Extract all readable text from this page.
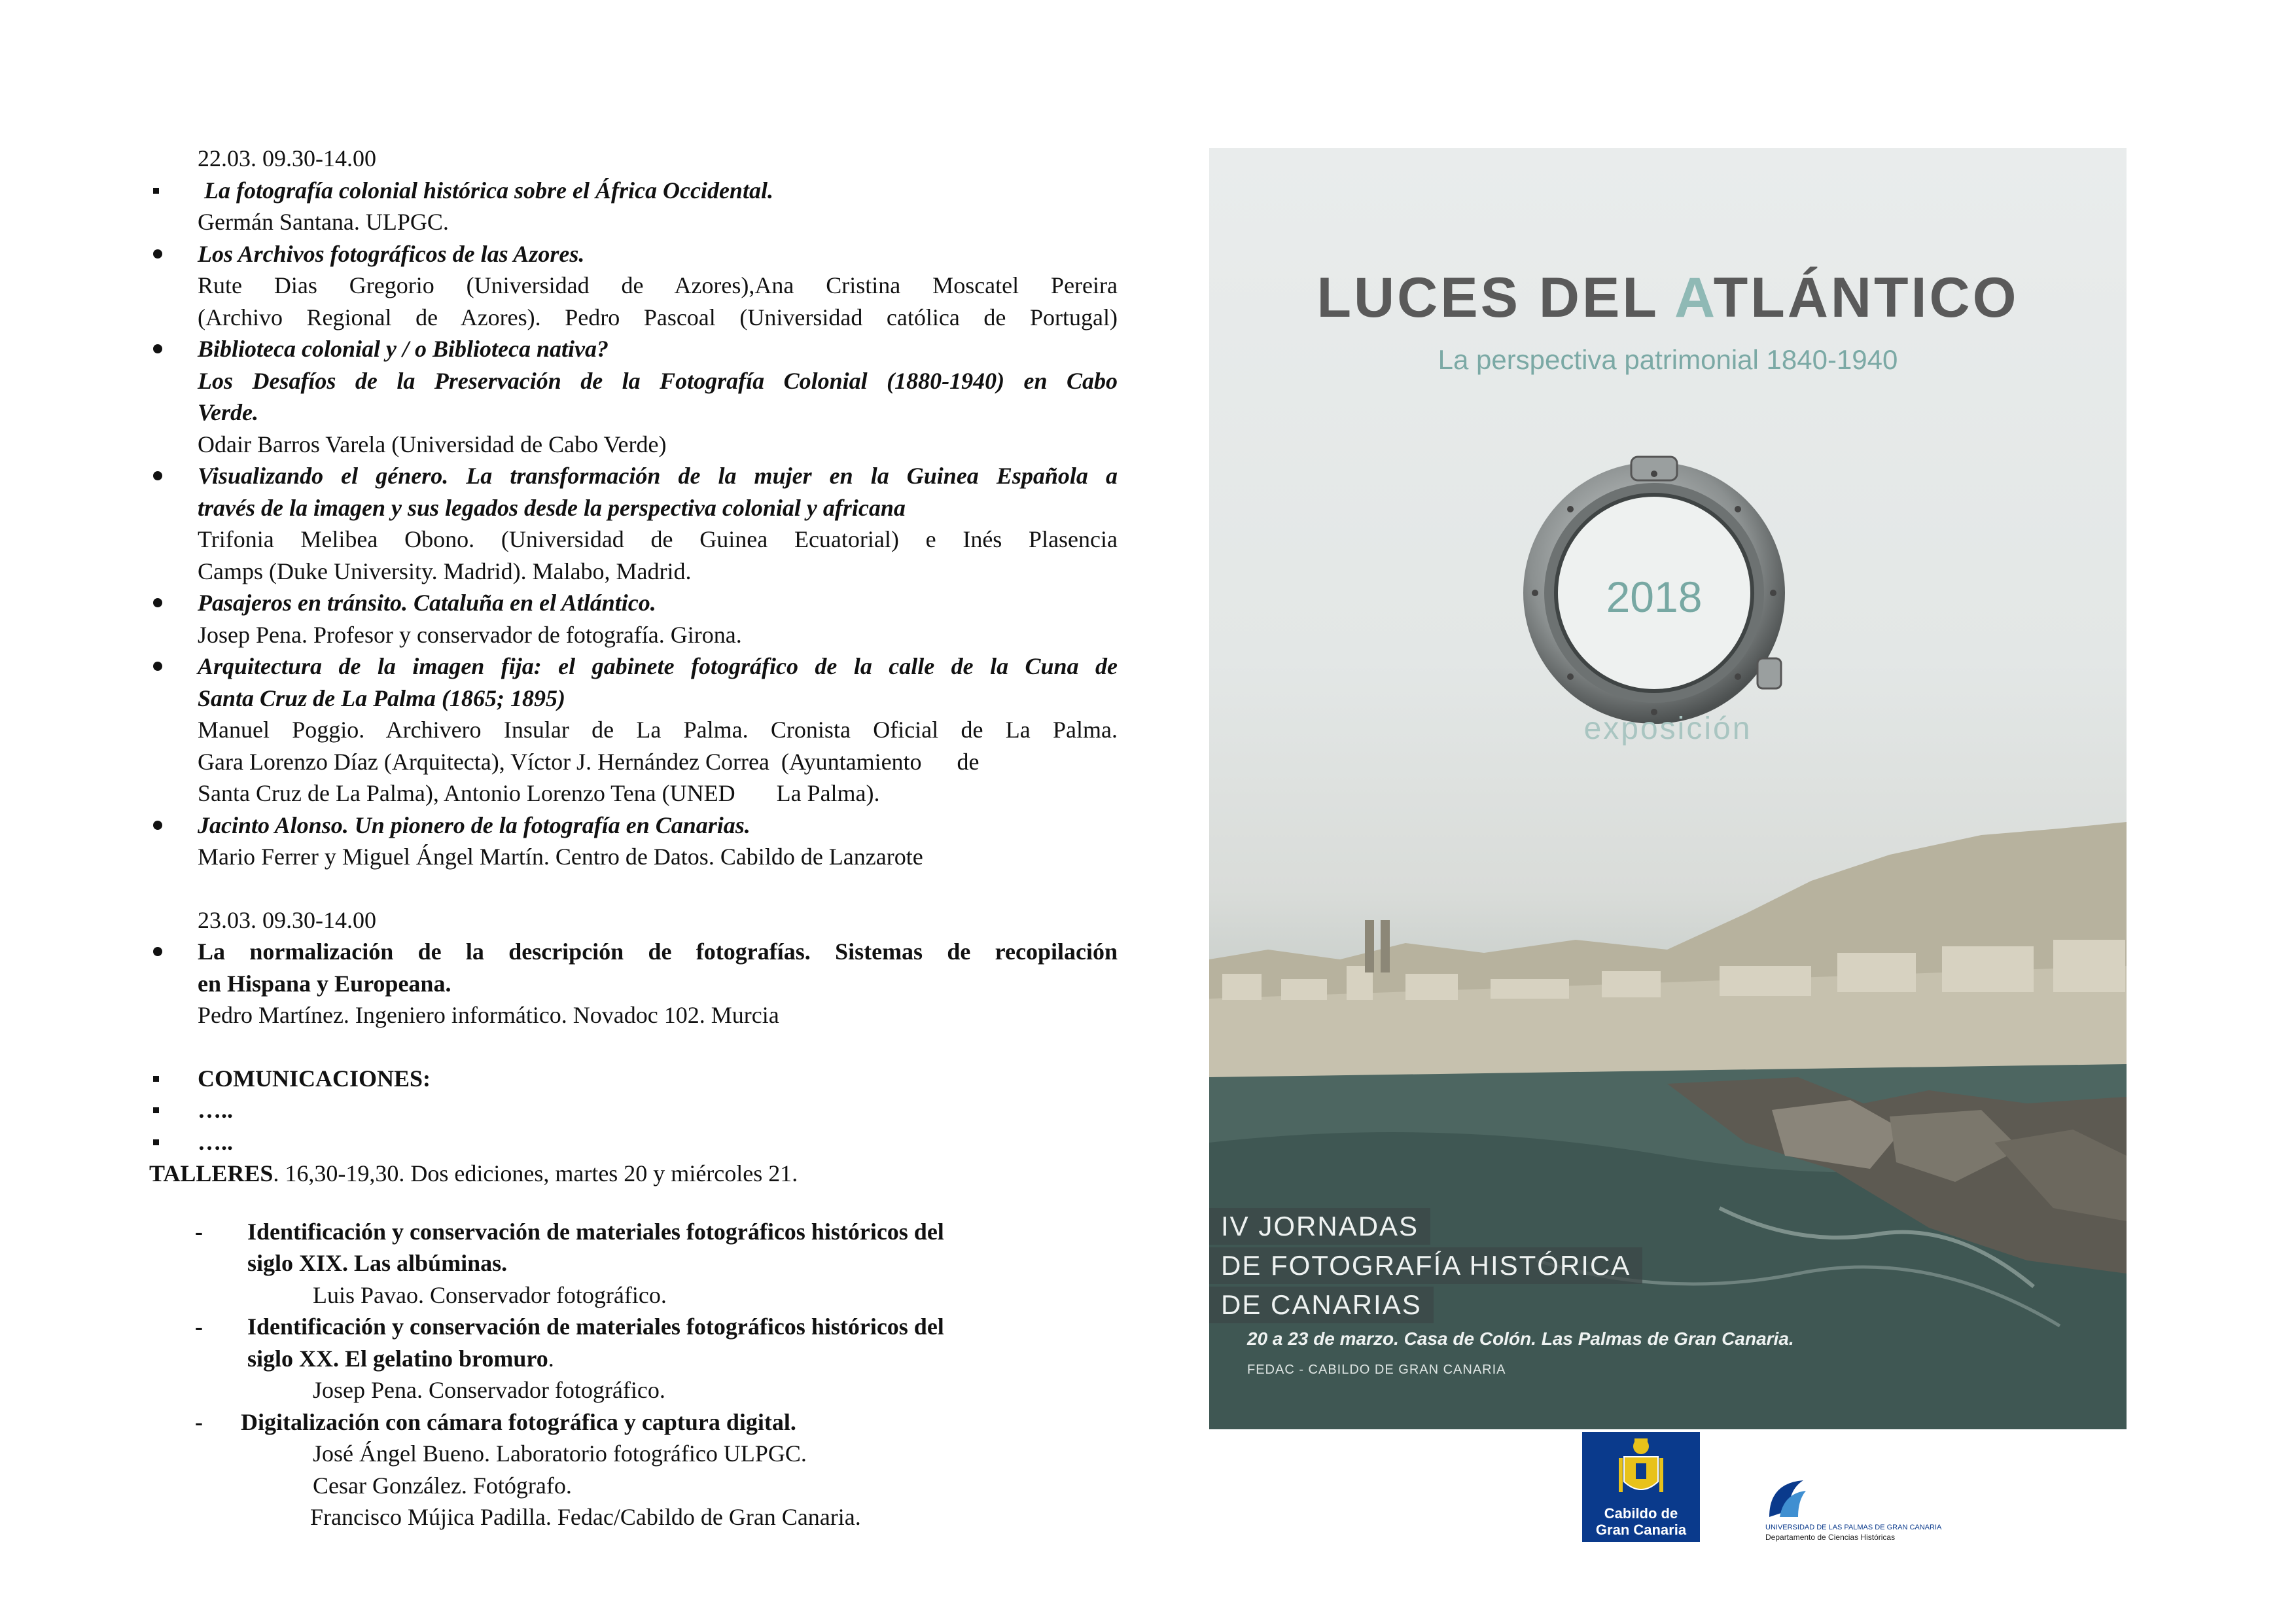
22.03. 09.30-14.00
La fotografía colonial histórica sobre el África Occidental.
Germán Santana. ULPGC.
Los Archivos fotográficos de las Azores.
Rute Dias Gregorio (Universidad de Azores),Ana Cristina Moscatel Pereira
(Archivo Regional de Azores). Pedro Pascoal (Universidad católica de Portugal)
Biblioteca colonial y / o Biblioteca nativa?
Los Desafíos de la Preservación de la Fotografía Colonial (1880-1940) en Cabo
Verde.
Odair Barros Varela (Universidad de Cabo Verde)
Visualizando el género. La transformación de la mujer en la Guinea Española a
través de la imagen y sus legados desde la perspectiva colonial y africana
Trifonia Melibea Obono. (Universidad de Guinea Ecuatorial) e Inés Plasencia
Camps (Duke University. Madrid). Malabo, Madrid.
Pasajeros en tránsito. Cataluña en el Atlántico.
Josep Pena. Profesor y conservador de fotografía. Girona.
Arquitectura de la imagen fija: el gabinete fotográfico de la calle de la Cuna de
Santa Cruz de La Palma (1865; 1895)
Manuel Poggio. Archivero Insular de La Palma. Cronista Oficial de La Palma.
Gara Lorenzo Díaz (Arquitecta), Víctor J. Hernández Correa  (Ayuntamiento      de
Santa Cruz de La Palma), Antonio Lorenzo Tena (UNED       La Palma).
Jacinto Alonso. Un pionero de la fotografía en Canarias.
Mario Ferrer y Miguel Ángel Martín. Centro de Datos. Cabildo de Lanzarote
23.03. 09.30-14.00
La normalización de la descripción de fotografías. Sistemas de recopilación
en Hispana y Europeana.
Pedro Martínez. Ingeniero informático. Novadoc 102. Murcia
COMUNICACIONES:
…..
…..
TALLERES. 16,30-19,30. Dos ediciones, martes 20 y miércoles 21.
- Identificación y conservación de materiales fotográficos históricos del
siglo XIX. Las albúminas.
Luis Pavao. Conservador fotográfico.
- Identificación y conservación de materiales fotográficos históricos del
siglo XX. El gelatino bromuro.
Josep Pena. Conservador fotográfico.
- Digitalización con cámara fotográfica y captura digital.
José Ángel Bueno. Laboratorio fotográfico ULPGC.
Cesar González. Fotógrafo.
Francisco Mújica Padilla. Fedac/Cabildo de Gran Canaria.
LUCES DEL ATLÁNTICO
La perspectiva patrimonial 1840-1940
2018
exposición
IV JORNADAS
DE FOTOGRAFÍA HISTÓRICA
DE CANARIAS
20 a 23 de marzo. Casa de Colón. Las Palmas de Gran Canaria.
FEDAC - CABILDO DE GRAN CANARIA
Cabildo de
Gran Canaria	UNIVERSIDAD DE LAS PALMAS DE GRAN CANARIA
Departamento de Ciencias Históricas
